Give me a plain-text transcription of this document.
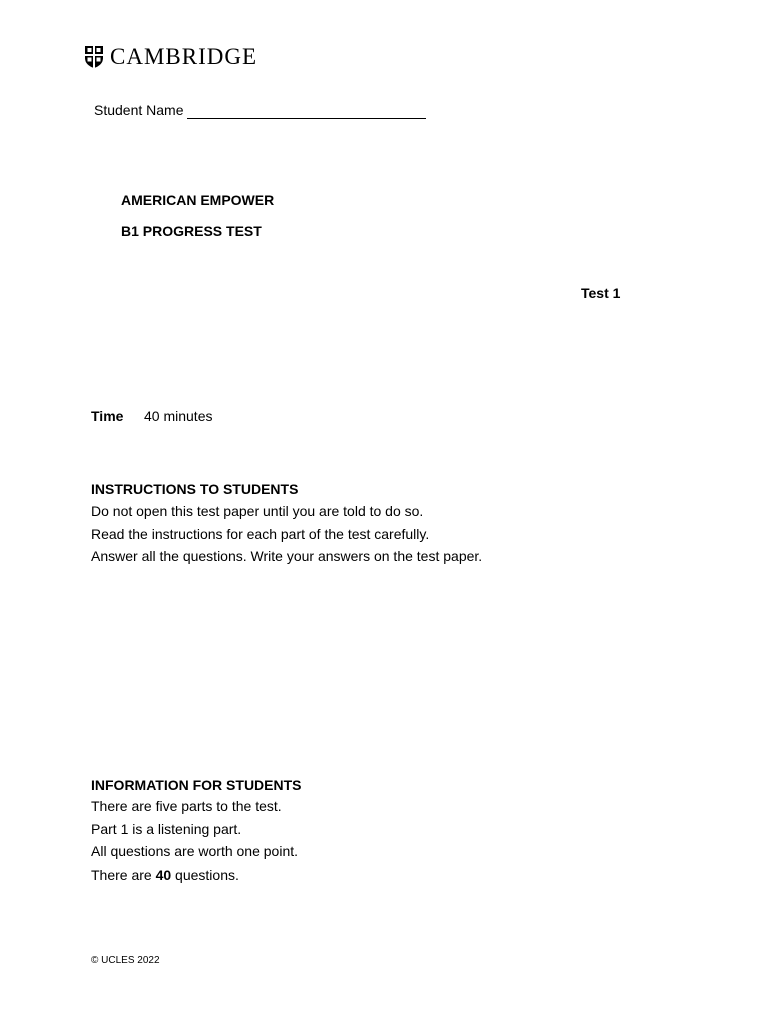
CAMBRIDGE
Student Name
AMERICAN EMPOWER
B1 PROGRESS TEST
Test 1
Time 40 minutes
INSTRUCTIONS TO STUDENTS
Do not open this test paper until you are told to do so.
Read the instructions for each part of the test carefully.
Answer all the questions. Write your answers on the test paper.
INFORMATION FOR STUDENTS
There are five parts to the test.
Part 1 is a listening part.
All questions are worth one point.
There are 40 questions.
© UCLES 2022
